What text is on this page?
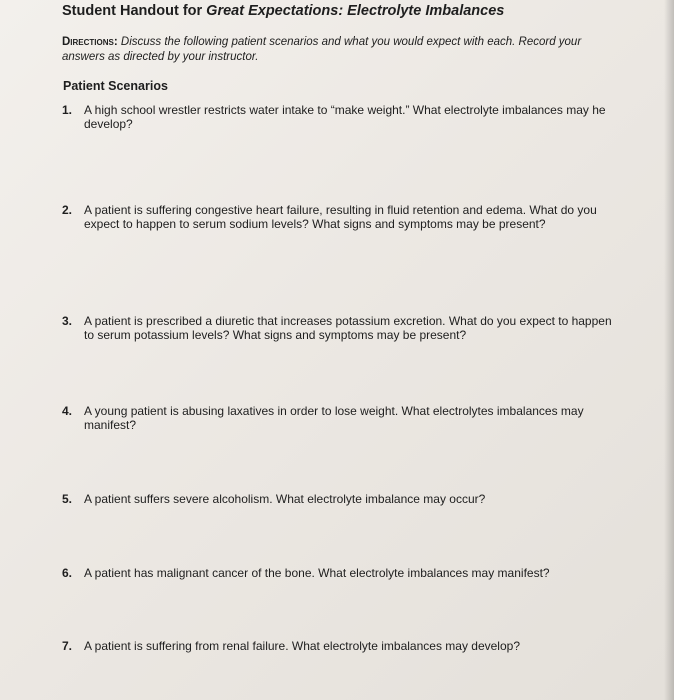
Student Handout for Great Expectations: Electrolyte Imbalances
Directions: Discuss the following patient scenarios and what you would expect with each. Record your answers as directed by your instructor.
Patient Scenarios
1. A high school wrestler restricts water intake to “make weight.” What electrolyte imbalances may he develop?
2. A patient is suffering congestive heart failure, resulting in fluid retention and edema. What do you expect to happen to serum sodium levels? What signs and symptoms may be present?
3. A patient is prescribed a diuretic that increases potassium excretion. What do you expect to happen to serum potassium levels? What signs and symptoms may be present?
4. A young patient is abusing laxatives in order to lose weight. What electrolytes imbalances may manifest?
5. A patient suffers severe alcoholism. What electrolyte imbalance may occur?
6. A patient has malignant cancer of the bone. What electrolyte imbalances may manifest?
7. A patient is suffering from renal failure. What electrolyte imbalances may develop?
